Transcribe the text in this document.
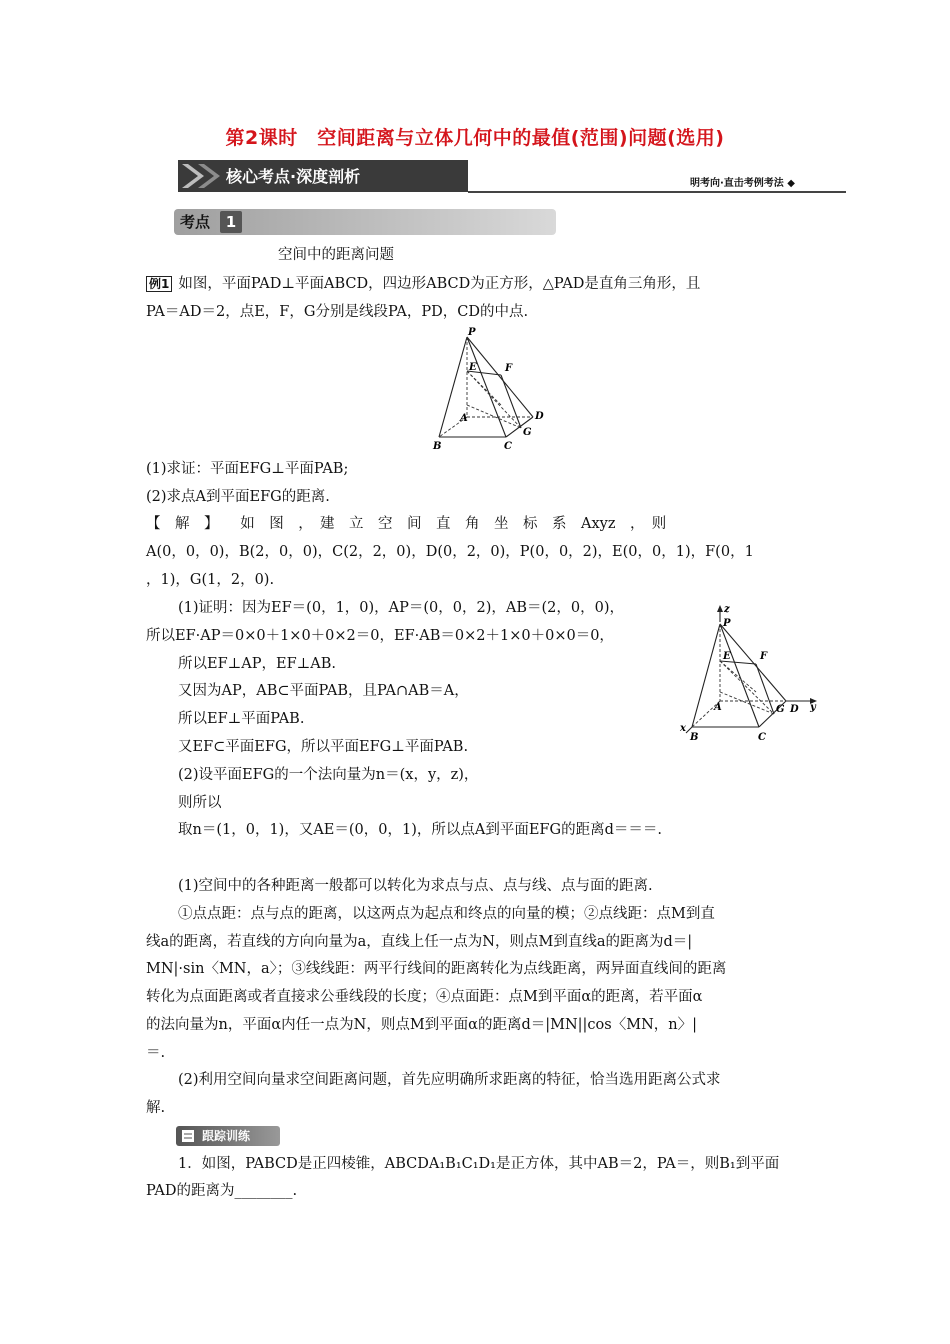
第2课时　空间距离与立体几何中的最值(范围)问题(选用)
核心考点·深度剖析	明考向·直击考例考法 ◆
考点	1
空间中的距离问题
例1 如图，平面PAD⊥平面ABCD，四边形ABCD为正方形，△PAD是直角三角形，且
PA＝AD＝2，点E，F，G分别是线段PA，PD，CD的中点.
P
E	F
A	D
B	C
G
(1)求证：平面EFG⊥平面PAB;
(2)求点A到平面EFG的距离.
【　解　】　　如　图　，　建　立　空　间　直　角　坐　标　系　Axyz　，　则
A(0，0，0)，B(2，0，0)，C(2，2，0)，D(0，2，0)，P(0，0，2)，E(0，0，1)，F(0，1
，1)，G(1，2，0).
(1)证明：因为EF＝(0，1，0)，AP＝(0，0，2)，AB＝(2，0，0)，
所以EF·AP＝0×0＋1×0＋0×2＝0，EF·AB＝0×2＋1×0＋0×0＝0，
所以EF⊥AP，EF⊥AB.
又因为AP，AB⊂平面PAB，且PA∩AB＝A，
所以EF⊥平面PAB.
又EF⊂平面EFG，所以平面EFG⊥平面PAB.
(2)设平面EFG的一个法向量为n＝(x，y，z)，
则所以
取n＝(1，0，1)，又AE＝(0，0，1)，所以点A到平面EFG的距离d＝＝＝.
z
P
E	F
A	G D y
x
B	C
(1)空间中的各种距离一般都可以转化为求点与点、点与线、点与面的距离.
①点点距：点与点的距离，以这两点为起点和终点的向量的模；②点线距：点M到直
线a的距离，若直线的方向向量为a，直线上任一点为N，则点M到直线a的距离为d＝|
MN|·sin〈MN，a〉；③线线距：两平行线间的距离转化为点线距离，两异面直线间的距离
转化为点面距离或者直接求公垂线段的长度；④点面距：点M到平面α的距离，若平面α
的法向量为n，平面α内任一点为N，则点M到平面α的距离d＝|MN||cos〈MN，n〉|
＝.
(2)利用空间向量求空间距离问题，首先应明确所求距离的特征，恰当选用距离公式求
解.
跟踪训练
1．如图，PABCD是正四棱锥，ABCDA₁B₁C₁D₁是正方体，其中AB＝2，PA＝，则B₁到平面
PAD的距离为________.
